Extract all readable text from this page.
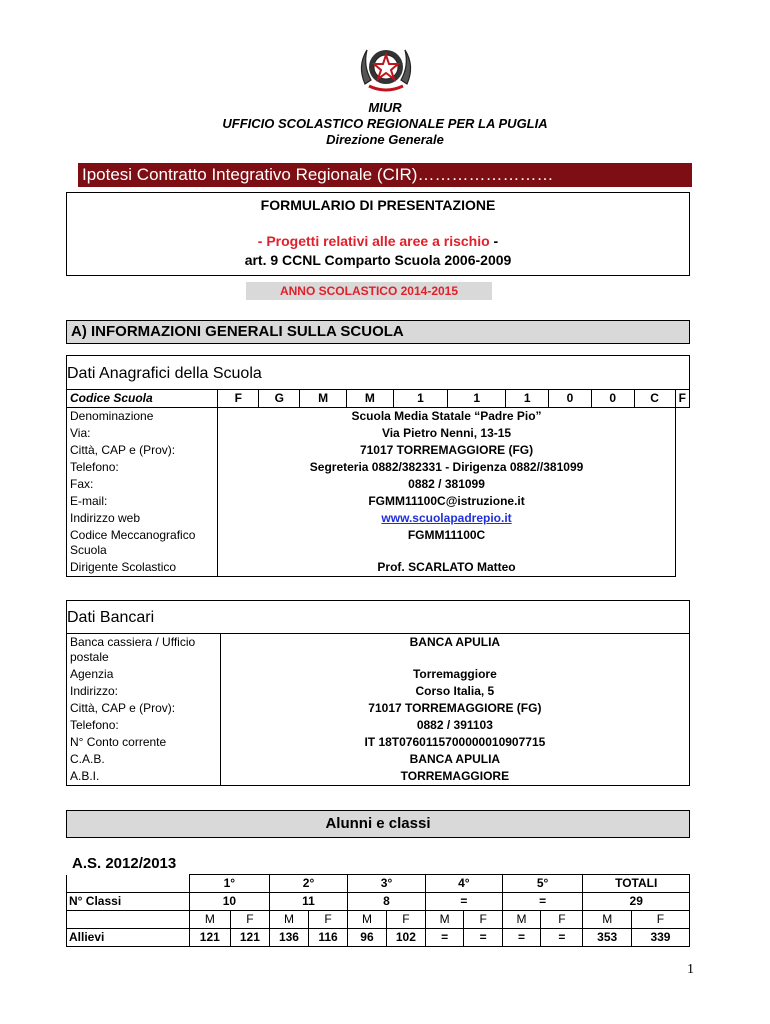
MIUR
UFFICIO SCOLASTICO REGIONALE PER LA PUGLIA
Direzione Generale
Ipotesi Contratto Integrativo Regionale (CIR)……………………
FORMULARIO DI PRESENTAZIONE
- Progetti relativi alle aree a rischio -
art. 9 CCNL Comparto Scuola 2006-2009
ANNO SCOLASTICO 2014-2015
A) INFORMAZIONI GENERALI SULLA SCUOLA
Dati Anagrafici della Scuola
Codice Scuola	F	G	M	M	1	1	1	0	0	C	F
Denominazione	Scuola Media Statale “Padre Pio”										
Via:	Via Pietro Nenni, 13-15										
Città, CAP e (Prov):	71017 TORREMAGGIORE (FG)										
Telefono:	Segreteria 0882/382331 - Dirigenza 0882//381099										
Fax:	0882 / 381099										
E-mail:	FGMM11100C@istruzione.it										
Indirizzo web	www.scuolapadrepio.it										
Codice Meccanografico Scuola	FGMM11100C										
Dirigente Scolastico	Prof. SCARLATO Matteo										
Dati Bancari
Banca cassiera / Ufficio postale	BANCA APULIA
Agenzia	Torremaggiore
Indirizzo:	Corso Italia, 5
Città, CAP e (Prov):	71017 TORREMAGGIORE (FG)
Telefono:	0882 / 391103
N° Conto corrente	IT 18T0760115700000010907715
C.A.B.	BANCA APULIA
A.B.I.	TORREMAGGIORE
Alunni e classi
A.S. 2012/2013
	1°		2°		3°		4°		5°		TOTALI	
N° Classi	10		11		8		=		=		29	
	M	F	M	F	M	F	M	F	M	F	M	F
Allievi	121	121	136	116	96	102	=	=	=	=	353	339
1
